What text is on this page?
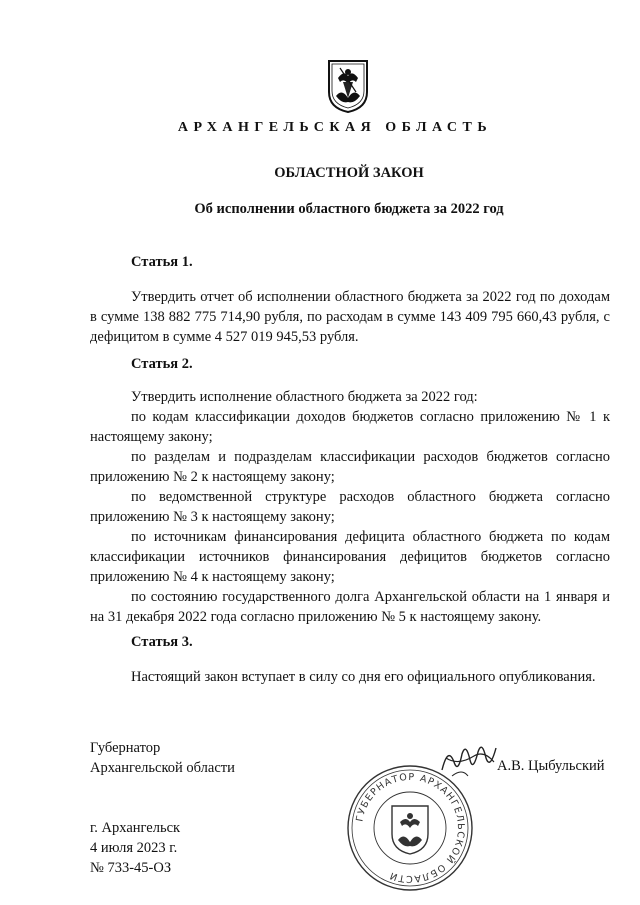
АРХАНГЕЛЬСКАЯ ОБЛАСТЬ
ОБЛАСТНОЙ ЗАКОН
Об исполнении областного бюджета за 2022 год
Статья 1.

Утвердить отчет об исполнении областного бюджета за 2022 год по доходам в сумме 138 882 775 714,90 рубля, по расходам в сумме 143 409 795 660,43 рубля, с дефицитом в сумме 4 527 019 945,53 рубля.

Статья 2.

Утвердить исполнение областного бюджета за 2022 год:

по кодам классификации доходов бюджетов согласно приложению № 1 к настоящему закону;

по разделам и подразделам классификации расходов бюджетов согласно приложению № 2 к настоящему закону;

по ведомственной структуре расходов областного бюджета согласно приложению № 3 к настоящему закону;

по источникам финансирования дефицита областного бюджета по кодам классификации источников финансирования дефицитов бюджетов согласно приложению № 4 к настоящему закону;

по состоянию государственного долга Архангельской области на 1 января и на 31 декабря 2022 года согласно приложению № 5 к настоящему закону.

Статья 3.

Настоящий закон вступает в силу со дня его официального опубликования.

Губернатор
Архангельской области
ГУБЕРНАТОР АРХАНГЕЛЬСКОЙ ОБЛАСТИ
А.В. Цыбульский
г. Архангельск
4 июля 2023 г.
№ 733-45-ОЗ
